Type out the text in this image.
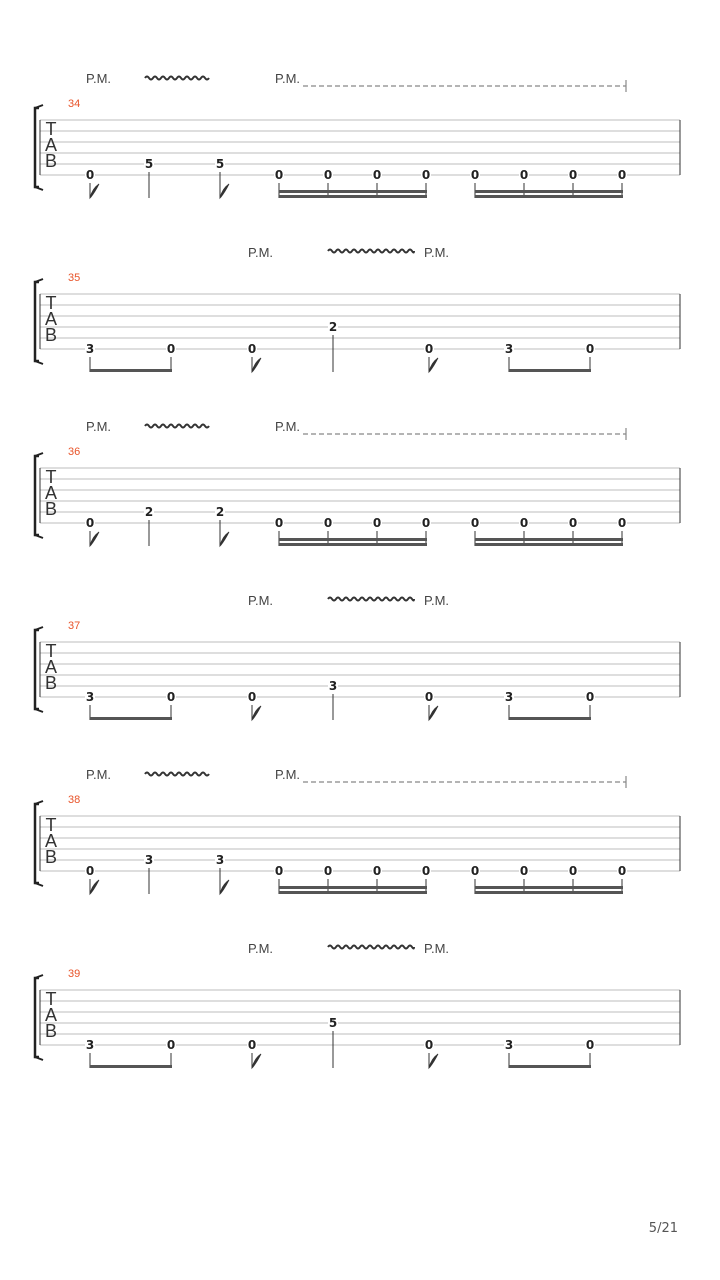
T
A
B
34
P.M.	P.M.
0
5	5
0	0	0	0	0	0	0	0
T
A
B
35
P.M.	P.M.
3	0	0
2
0	3	0
T
A
B
36
P.M.	P.M.
0
2	2
0	0	0	0	0	0	0	0
T
A
B
37
P.M.	P.M.
3	0	0
3
0	3	0
T
A
B
38
P.M.	P.M.
0
3	3
0	0	0	0	0	0	0	0
T
A
B
39
P.M.	P.M.
3	0	0
5
0	3	0
5/21
